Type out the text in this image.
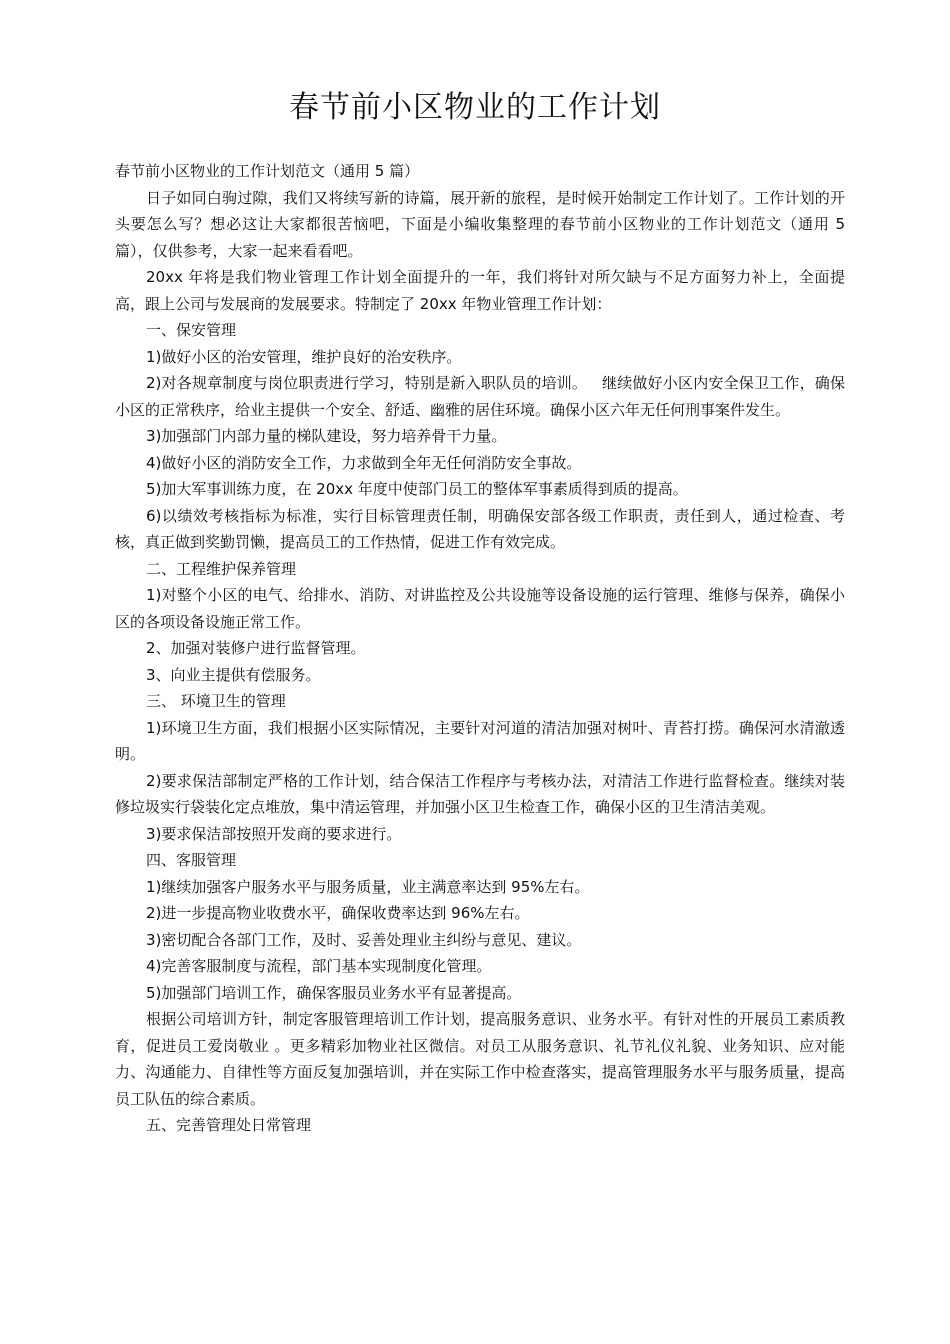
春节前小区物业的工作计划

春节前小区物业的工作计划范文（通用 5 篇）

日子如同白驹过隙，我们又将续写新的诗篇，展开新的旅程，是时候开始制定工作计划了。工作计划的开头要怎么写？想必这让大家都很苦恼吧，下面是小编收集整理的春节前小区物业的工作计划范文（通用 5 篇），仅供参考，大家一起来看看吧。

20xx 年将是我们物业管理工作计划全面提升的一年，我们将针对所欠缺与不足方面努力补上，全面提高，跟上公司与发展商的发展要求。特制定了 20xx 年物业管理工作计划：

一、保安管理

1)做好小区的治安管理，维护良好的治安秩序。

2)对各规章制度与岗位职责进行学习，特别是新入职队员的培训。   继续做好小区内安全保卫工作，确保小区的正常秩序，给业主提供一个安全、舒适、幽雅的居住环境。确保小区六年无任何刑事案件发生。

3)加强部门内部力量的梯队建设，努力培养骨干力量。

4)做好小区的消防安全工作，力求做到全年无任何消防安全事故。

5)加大军事训练力度，在 20xx 年度中使部门员工的整体军事素质得到质的提高。

6)以绩效考核指标为标准，实行目标管理责任制，明确保安部各级工作职责，责任到人，通过检查、考核，真正做到奖勤罚懒，提高员工的工作热情，促进工作有效完成。

二、工程维护保养管理

1)对整个小区的电气、给排水、消防、对讲监控及公共设施等设备设施的运行管理、维修与保养，确保小区的各项设备设施正常工作。

2、加强对装修户进行监督管理。

3、向业主提供有偿服务。

三、 环境卫生的管理

1)环境卫生方面，我们根据小区实际情况，主要针对河道的清洁加强对树叶、青苔打捞。确保河水清澈透明。

2)要求保洁部制定严格的工作计划，结合保洁工作程序与考核办法，对清洁工作进行监督检查。继续对装修垃圾实行袋装化定点堆放，集中清运管理，并加强小区卫生检查工作，确保小区的卫生清洁美观。

3)要求保洁部按照开发商的要求进行。

四、客服管理

1)继续加强客户服务水平与服务质量，业主满意率达到 95%左右。

2)进一步提高物业收费水平，确保收费率达到 96%左右。

3)密切配合各部门工作，及时、妥善处理业主纠纷与意见、建议。

4)完善客服制度与流程，部门基本实现制度化管理。

5)加强部门培训工作，确保客服员业务水平有显著提高。

根据公司培训方针，制定客服管理培训工作计划，提高服务意识、业务水平。有针对性的开展员工素质教育，促进员工爱岗敬业 。更多精彩加物业社区微信。对员工从服务意识、礼节礼仪礼貌、业务知识、应对能力、沟通能力、自律性等方面反复加强培训，并在实际工作中检查落实，提高管理服务水平与服务质量，提高员工队伍的综合素质。

五、完善管理处日常管理
